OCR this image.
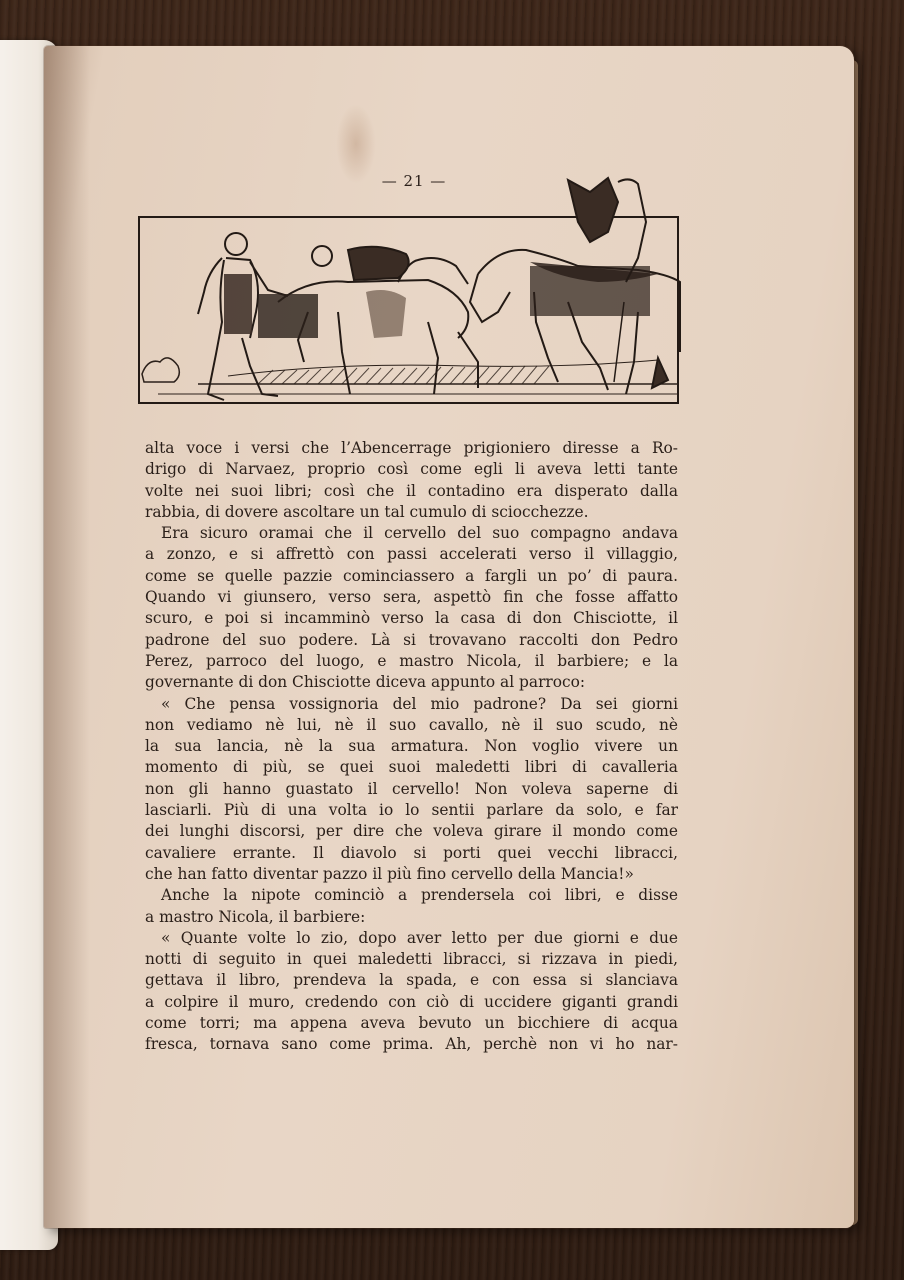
— 21 —
alta voce i versi che l’Abencerrage prigioniero diresse a Ro-
drigo di Narvaez, proprio così come egli li aveva letti tante
volte nei suoi libri; così che il contadino era disperato dalla
rabbia, di dovere ascoltare un tal cumulo di sciocchezze.
Era sicuro oramai che il cervello del suo compagno andava
a zonzo, e si affrettò con passi accelerati verso il villaggio,
come se quelle pazzie cominciassero a fargli un po’ di paura.
Quando vi giunsero, verso sera, aspettò fin che fosse affatto
scuro, e poi si incamminò verso la casa di don Chisciotte, il
padrone del suo podere. Là si trovavano raccolti don Pedro
Perez, parroco del luogo, e mastro Nicola, il barbiere; e la
governante di don Chisciotte diceva appunto al parroco:
« Che pensa vossignoria del mio padrone? Da sei giorni
non vediamo nè lui, nè il suo cavallo, nè il suo scudo, nè
la sua lancia, nè la sua armatura. Non voglio vivere un
momento di più, se quei suoi maledetti libri di cavalleria
non gli hanno guastato il cervello! Non voleva saperne di
lasciarli. Più di una volta io lo sentii parlare da solo, e far
dei lunghi discorsi, per dire che voleva girare il mondo come
cavaliere errante. Il diavolo si porti quei vecchi libracci,
che han fatto diventar pazzo il più fino cervello della Mancia!»
Anche la nipote cominciò a prendersela coi libri, e disse
a mastro Nicola, il barbiere:
« Quante volte lo zio, dopo aver letto per due giorni e due
notti di seguito in quei maledetti libracci, si rizzava in piedi,
gettava il libro, prendeva la spada, e con essa si slanciava
a colpire il muro, credendo con ciò di uccidere giganti grandi
come torri; ma appena aveva bevuto un bicchiere di acqua
fresca, tornava sano come prima. Ah, perchè non vi ho nar-
